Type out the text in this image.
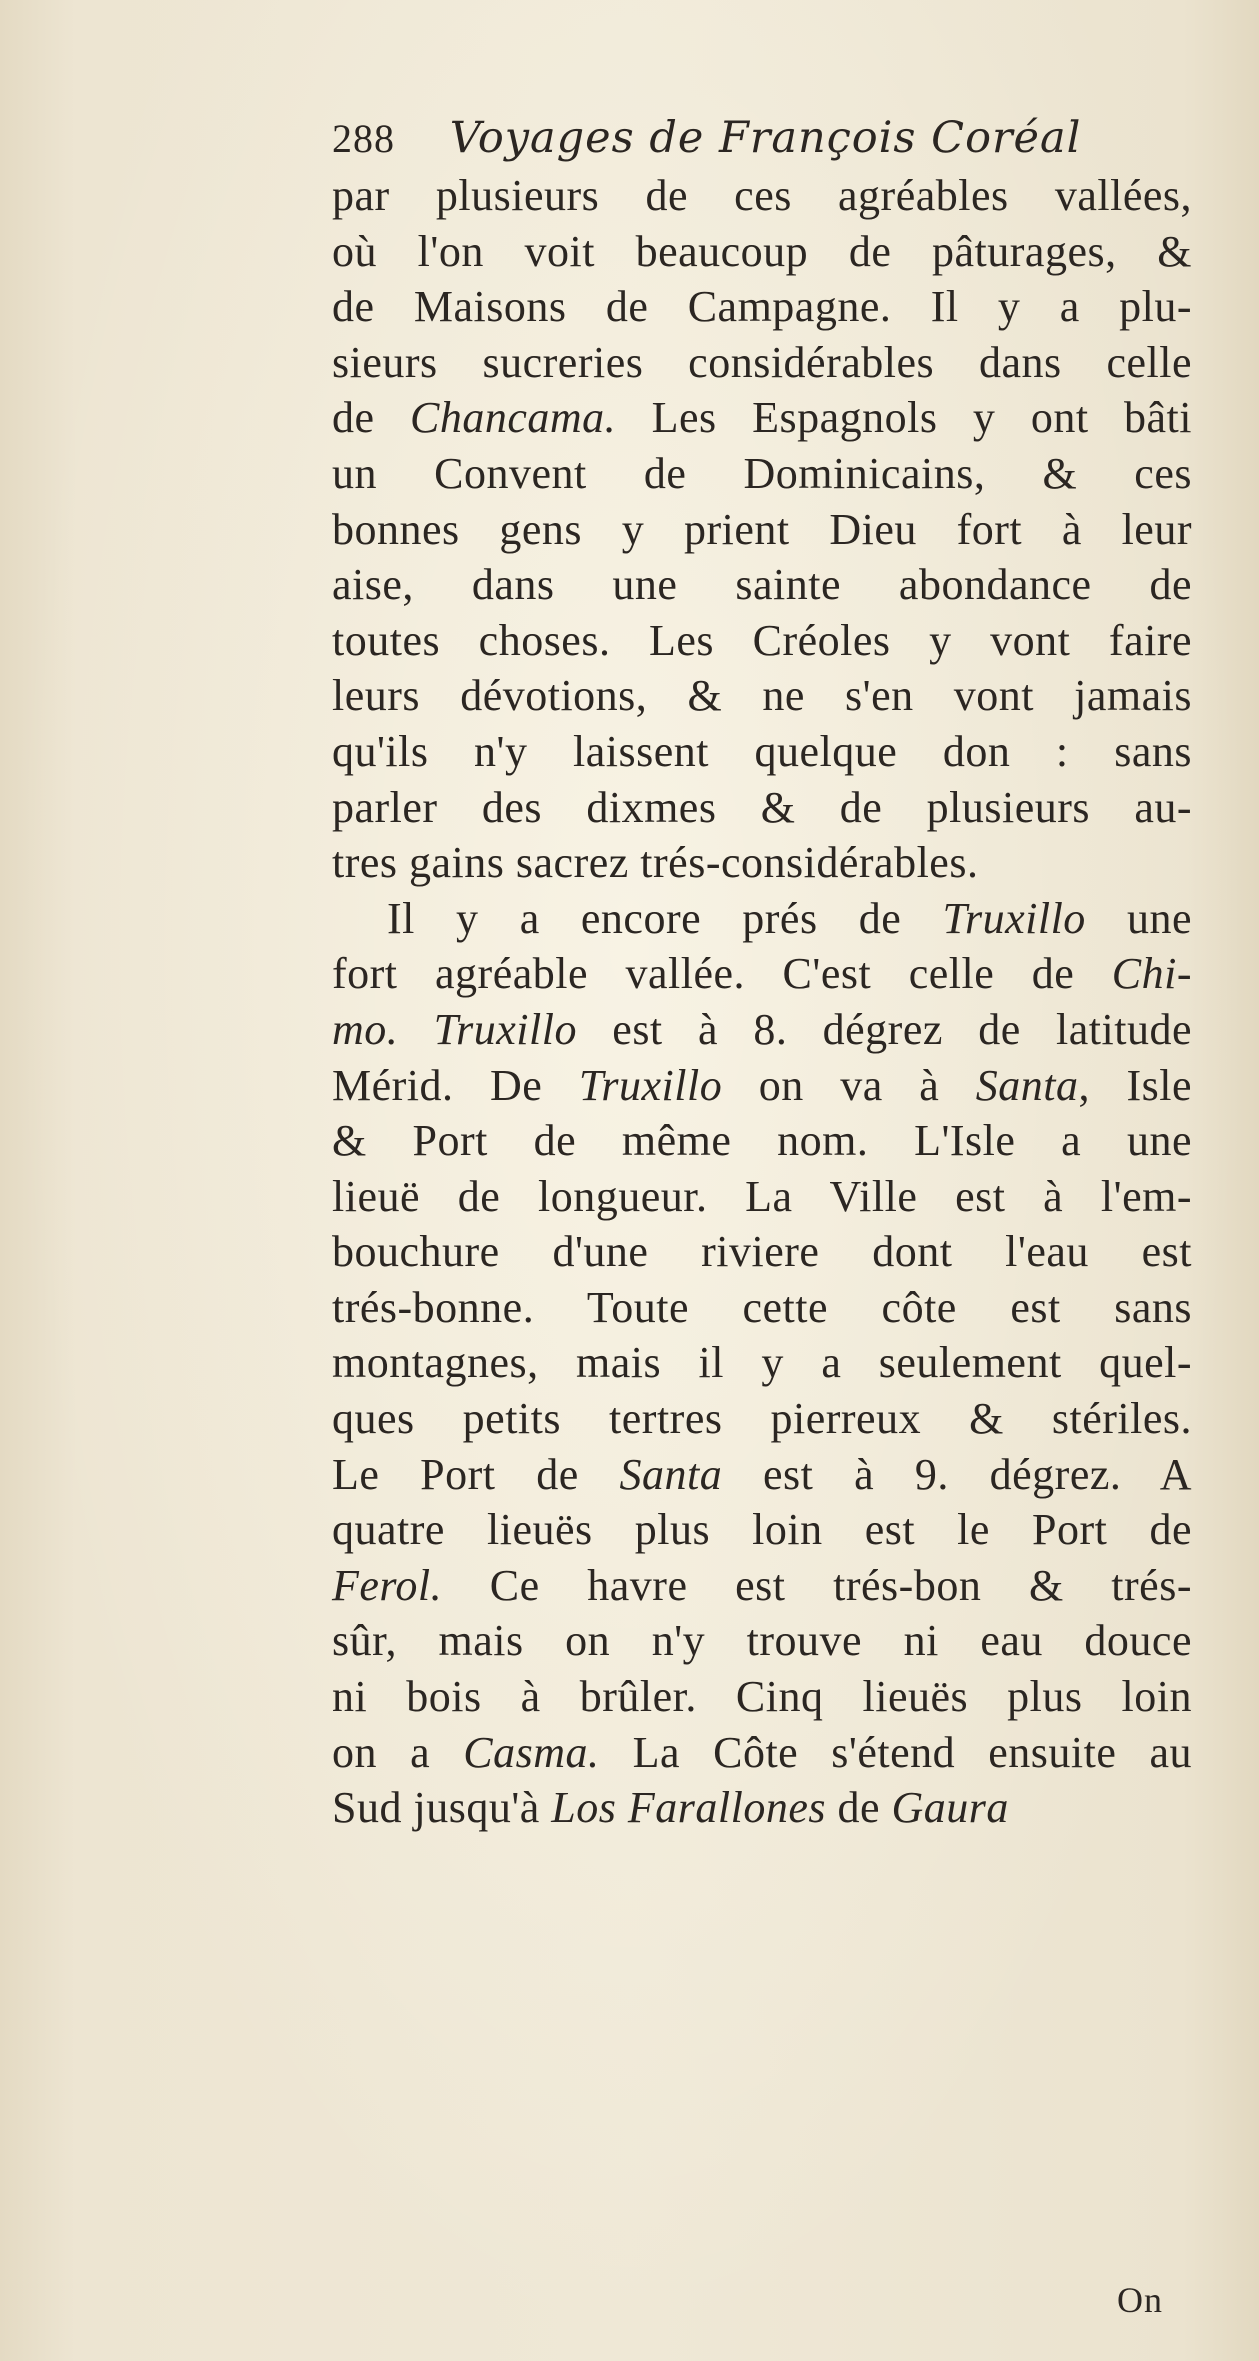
288 Voyages de François Coréal
par plusieurs de ces agréables vallées,
où l'on voit beaucoup de pâturages, &
de Maisons de Campagne. Il y a plu-
sieurs sucreries considérables dans celle
de Chancama. Les Espagnols y ont bâti
un Convent de Dominicains, & ces
bonnes gens y prient Dieu fort à leur
aise, dans une sainte abondance de
toutes choses. Les Créoles y vont faire
leurs dévotions, & ne s'en vont jamais
qu'ils n'y laissent quelque don : sans
parler des dixmes & de plusieurs au-
tres gains sacrez trés-considérables.
Il y a encore prés de Truxillo une
fort agréable vallée. C'est celle de Chi-
mo. Truxillo est à 8. dégrez de latitude
Mérid. De Truxillo on va à Santa, Isle
& Port de même nom. L'Isle a une
lieuë de longueur. La Ville est à l'em-
bouchure d'une riviere dont l'eau est
trés-bonne. Toute cette côte est sans
montagnes, mais il y a seulement quel-
ques petits tertres pierreux & stériles.
Le Port de Santa est à 9. dégrez. A
quatre lieuës plus loin est le Port de
Ferol. Ce havre est trés-bon & trés-
sûr, mais on n'y trouve ni eau douce
ni bois à brûler. Cinq lieuës plus loin
on a Casma. La Côte s'étend ensuite au
Sud jusqu'à Los Farallones de Gaura
On
